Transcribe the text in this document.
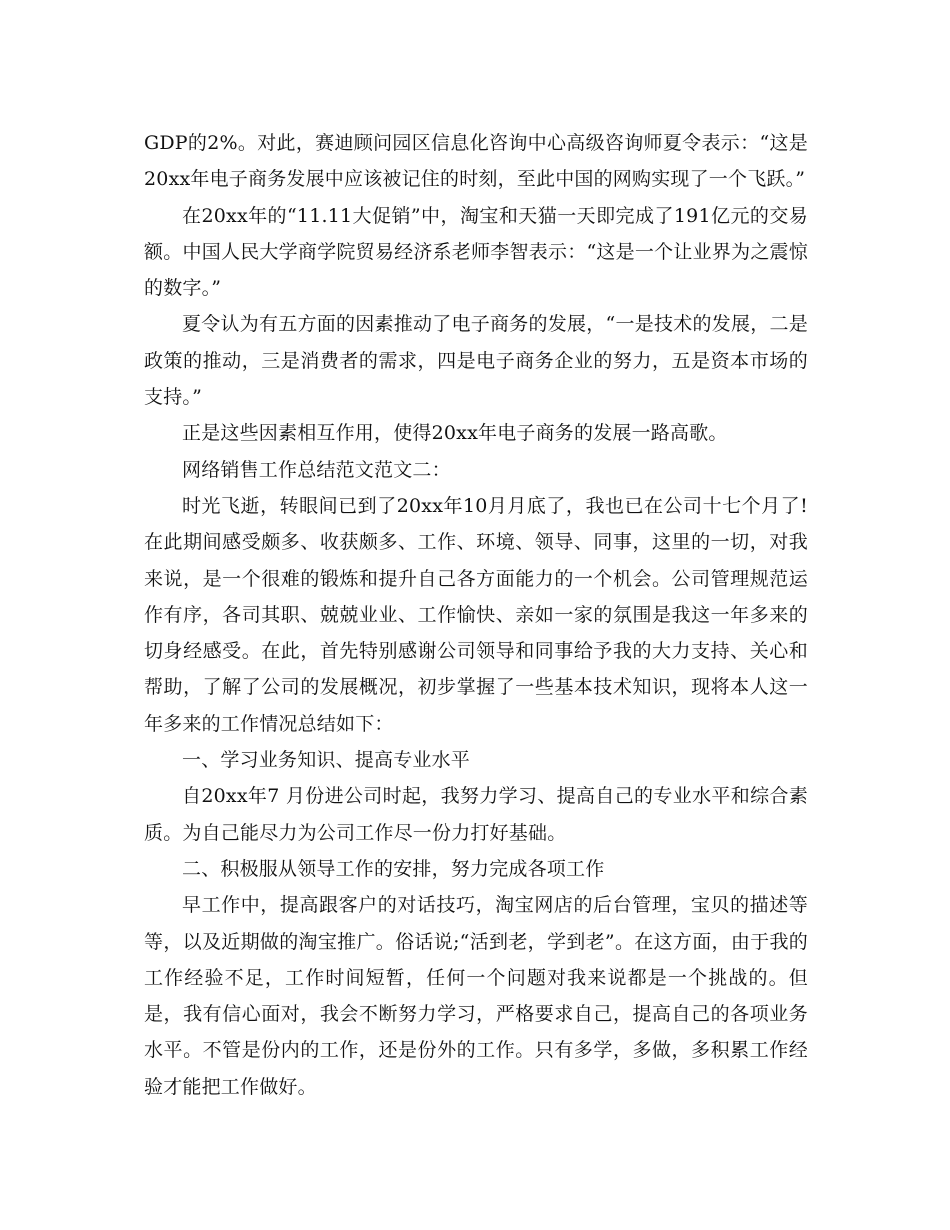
GDP的2%。对此，赛迪顾问园区信息化咨询中心高级咨询师夏令表示：“这是20xx年电子商务发展中应该被记住的时刻，至此中国的网购实现了一个飞跃。”

在20xx年的“11.11大促销”中，淘宝和天猫一天即完成了191亿元的交易额。中国人民大学商学院贸易经济系老师李智表示：“这是一个让业界为之震惊的数字。”

夏令认为有五方面的因素推动了电子商务的发展，“一是技术的发展，二是政策的推动，三是消费者的需求，四是电子商务企业的努力，五是资本市场的支持。”

正是这些因素相互作用，使得20xx年电子商务的发展一路高歌。

网络销售工作总结范文范文二：

时光飞逝，转眼间已到了20xx年10月月底了，我也已在公司十七个月了!在此期间感受颇多、收获颇多、工作、环境、领导、同事，这里的一切，对我来说，是一个很难的锻炼和提升自己各方面能力的一个机会。公司管理规范运作有序，各司其职、兢兢业业、工作愉快、亲如一家的氛围是我这一年多来的切身经感受。在此，首先特别感谢公司领导和同事给予我的大力支持、关心和帮助，了解了公司的发展概况，初步掌握了一些基本技术知识，现将本人这一年多来的工作情况总结如下：

一、学习业务知识、提高专业水平

自20xx年7 月份进公司时起，我努力学习、提高自己的专业水平和综合素质。为自己能尽力为公司工作尽一份力打好基础。

二、积极服从领导工作的安排，努力完成各项工作

早工作中，提高跟客户的对话技巧，淘宝网店的后台管理，宝贝的描述等等，以及近期做的淘宝推广。俗话说;“活到老，学到老”。在这方面，由于我的工作经验不足，工作时间短暂，任何一个问题对我来说都是一个挑战的。但是，我有信心面对，我会不断努力学习，严格要求自己，提高自己的各项业务水平。不管是份内的工作，还是份外的工作。只有多学，多做，多积累工作经验才能把工作做好。
